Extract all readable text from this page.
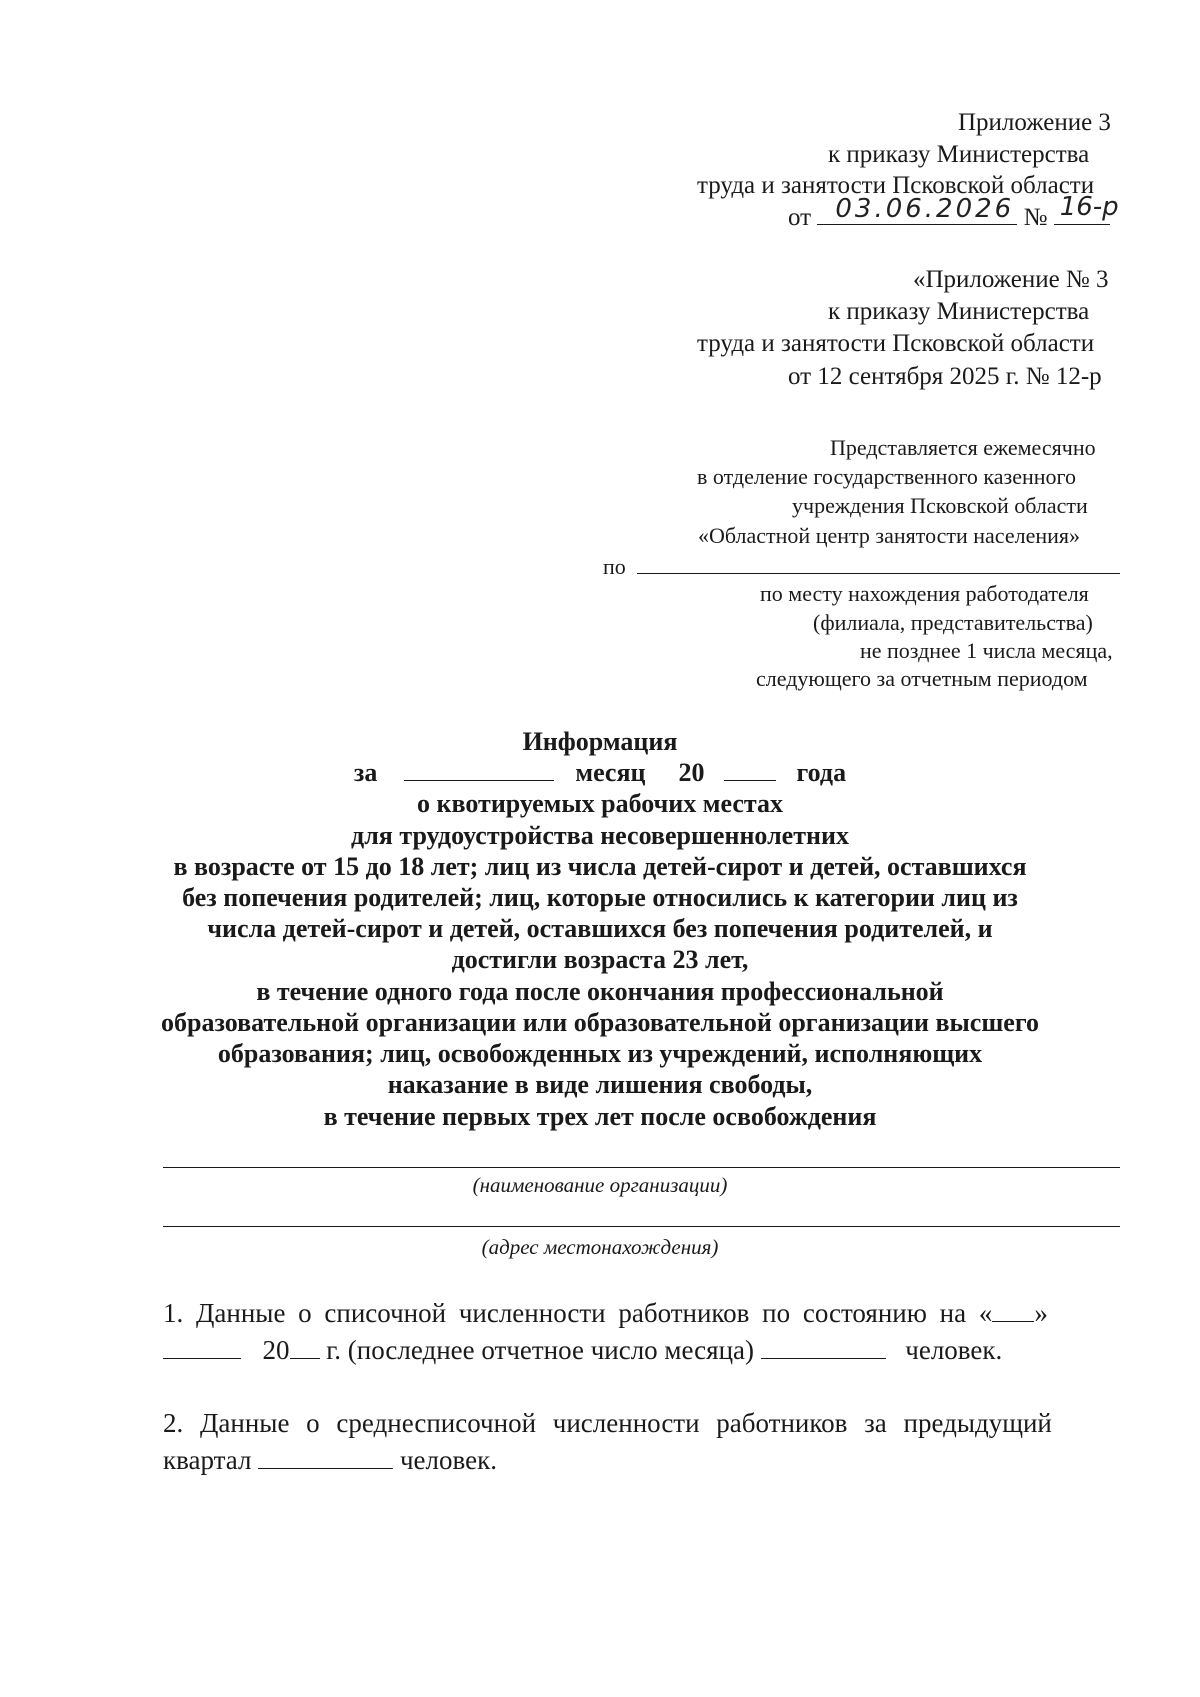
Приложение 3
к приказу Министерства
труда и занятости Псковской области
от 03.06.2026 № 16-р
«Приложение № 3
к приказу Министерства
труда и занятости Псковской области
от 12 сентября 2025 г. № 12-р
Представляется ежемесячно
в отделение государственного казенного
учреждения Псковской области
«Областной центр занятости населения»
по
по месту нахождения работодателя
(филиала, представительства)
не позднее 1 числа месяца,
следующего за отчетным периодом
Информация
за	месяц 20	года
о квотируемых рабочих местах
для трудоустройства несовершеннолетних
в возрасте от 15 до 18 лет; лиц из числа детей-сирот и детей, оставшихся
без попечения родителей; лиц, которые относились к категории лиц из
числа детей-сирот и детей, оставшихся без попечения родителей, и
достигли возраста 23 лет,
в течение одного года после окончания профессиональной
образовательной организации или образовательной организации высшего
образования; лиц, освобожденных из учреждений, исполняющих
наказание в виде лишения свободы,
в течение первых трех лет после освобождения
(наименование организации)
(адрес местонахождения)
1. Данные о списочной численности работников по состоянию на « »
20 г. (последнее отчетное число месяца)	человек.
2. Данные о среднесписочной численности работников за предыдущий
квартал	человек.
